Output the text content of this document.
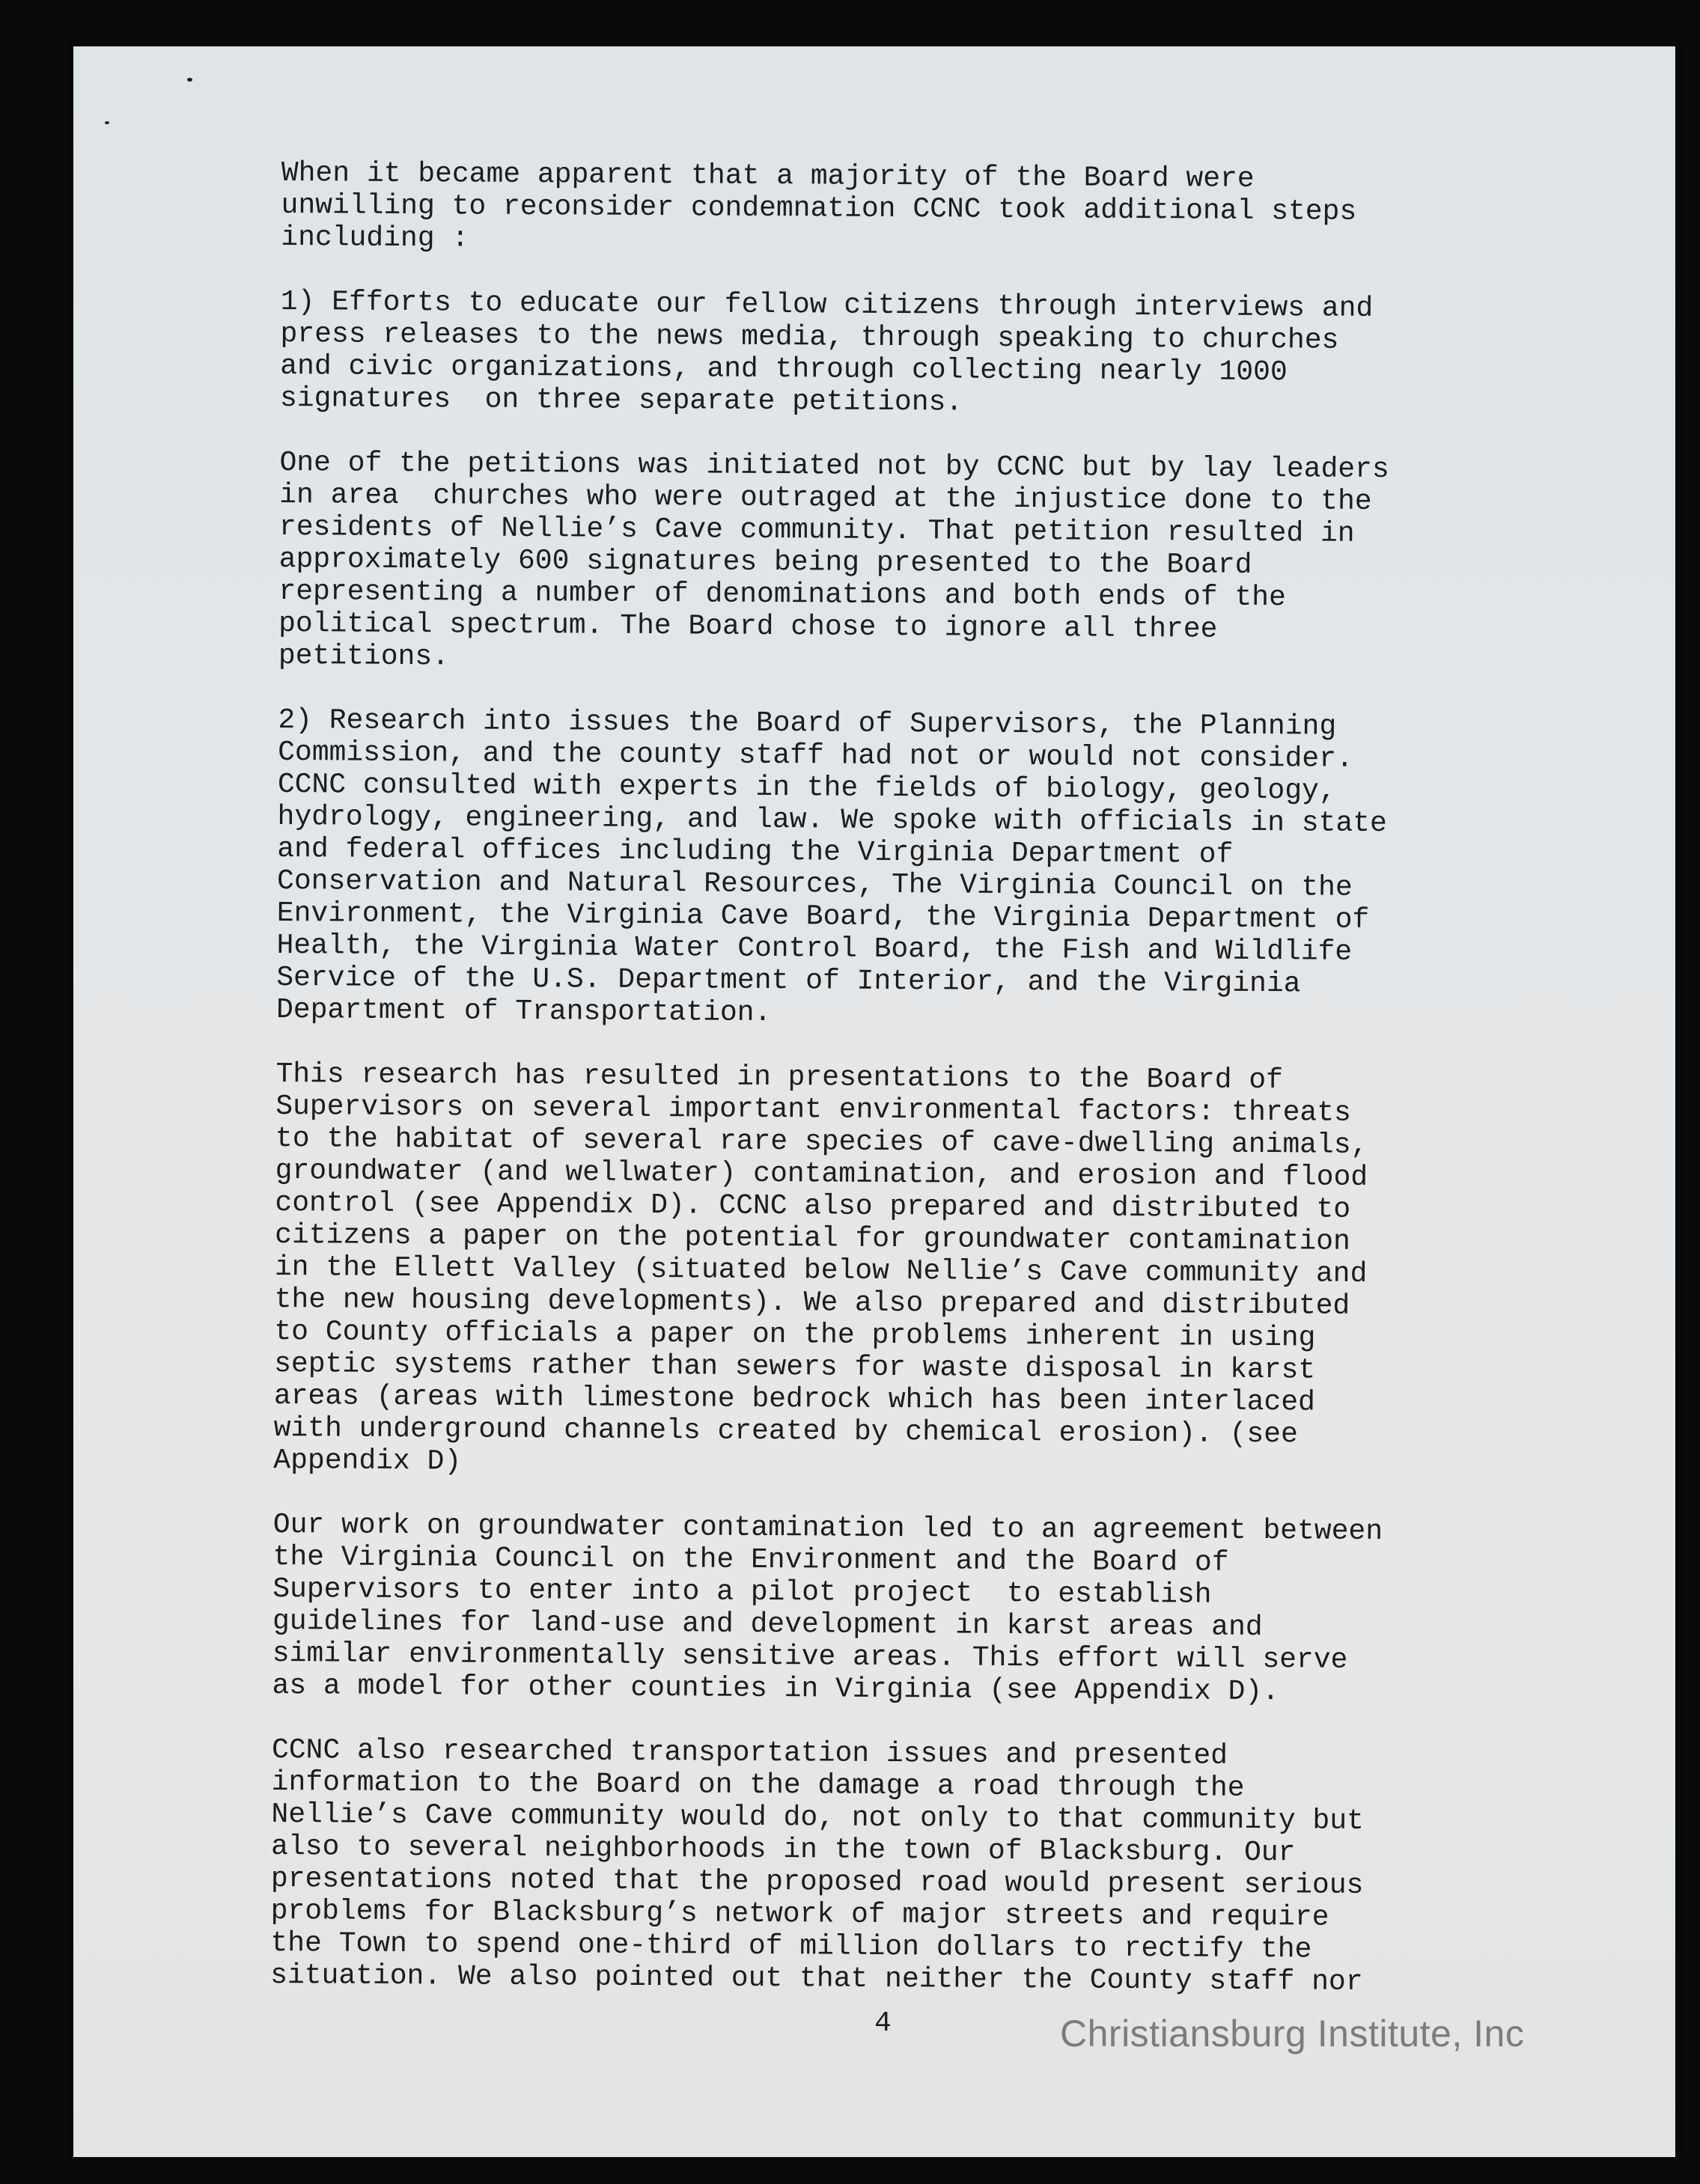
When it became apparent that a majority of the Board were
unwilling to reconsider condemnation CCNC took additional steps
including :

1) Efforts to educate our fellow citizens through interviews and
press releases to the news media, through speaking to churches
and civic organizations, and through collecting nearly 1000
signatures  on three separate petitions.

One of the petitions was initiated not by CCNC but by lay leaders
in area  churches who were outraged at the injustice done to the
residents of Nellie’s Cave community. That petition resulted in
approximately 600 signatures being presented to the Board
representing a number of denominations and both ends of the
political spectrum. The Board chose to ignore all three
petitions.

2) Research into issues the Board of Supervisors, the Planning
Commission, and the county staff had not or would not consider.
CCNC consulted with experts in the fields of biology, geology,
hydrology, engineering, and law. We spoke with officials in state
and federal offices including the Virginia Department of
Conservation and Natural Resources, The Virginia Council on the
Environment, the Virginia Cave Board, the Virginia Department of
Health, the Virginia Water Control Board, the Fish and Wildlife
Service of the U.S. Department of Interior, and the Virginia
Department of Transportation.

This research has resulted in presentations to the Board of
Supervisors on several important environmental factors: threats
to the habitat of several rare species of cave-dwelling animals,
groundwater (and wellwater) contamination, and erosion and flood
control (see Appendix D). CCNC also prepared and distributed to
citizens a paper on the potential for groundwater contamination
in the Ellett Valley (situated below Nellie’s Cave community and
the new housing developments). We also prepared and distributed
to County officials a paper on the problems inherent in using
septic systems rather than sewers for waste disposal in karst
areas (areas with limestone bedrock which has been interlaced
with underground channels created by chemical erosion). (see
Appendix D)

Our work on groundwater contamination led to an agreement between
the Virginia Council on the Environment and the Board of
Supervisors to enter into a pilot project  to establish
guidelines for land-use and development in karst areas and
similar environmentally sensitive areas. This effort will serve
as a model for other counties in Virginia (see Appendix D).

CCNC also researched transportation issues and presented
information to the Board on the damage a road through the
Nellie’s Cave community would do, not only to that community but
also to several neighborhoods in the town of Blacksburg. Our
presentations noted that the proposed road would present serious
problems for Blacksburg’s network of major streets and require
the Town to spend one-third of million dollars to rectify the
situation. We also pointed out that neither the County staff nor

4	Christiansburg Institute, Inc
